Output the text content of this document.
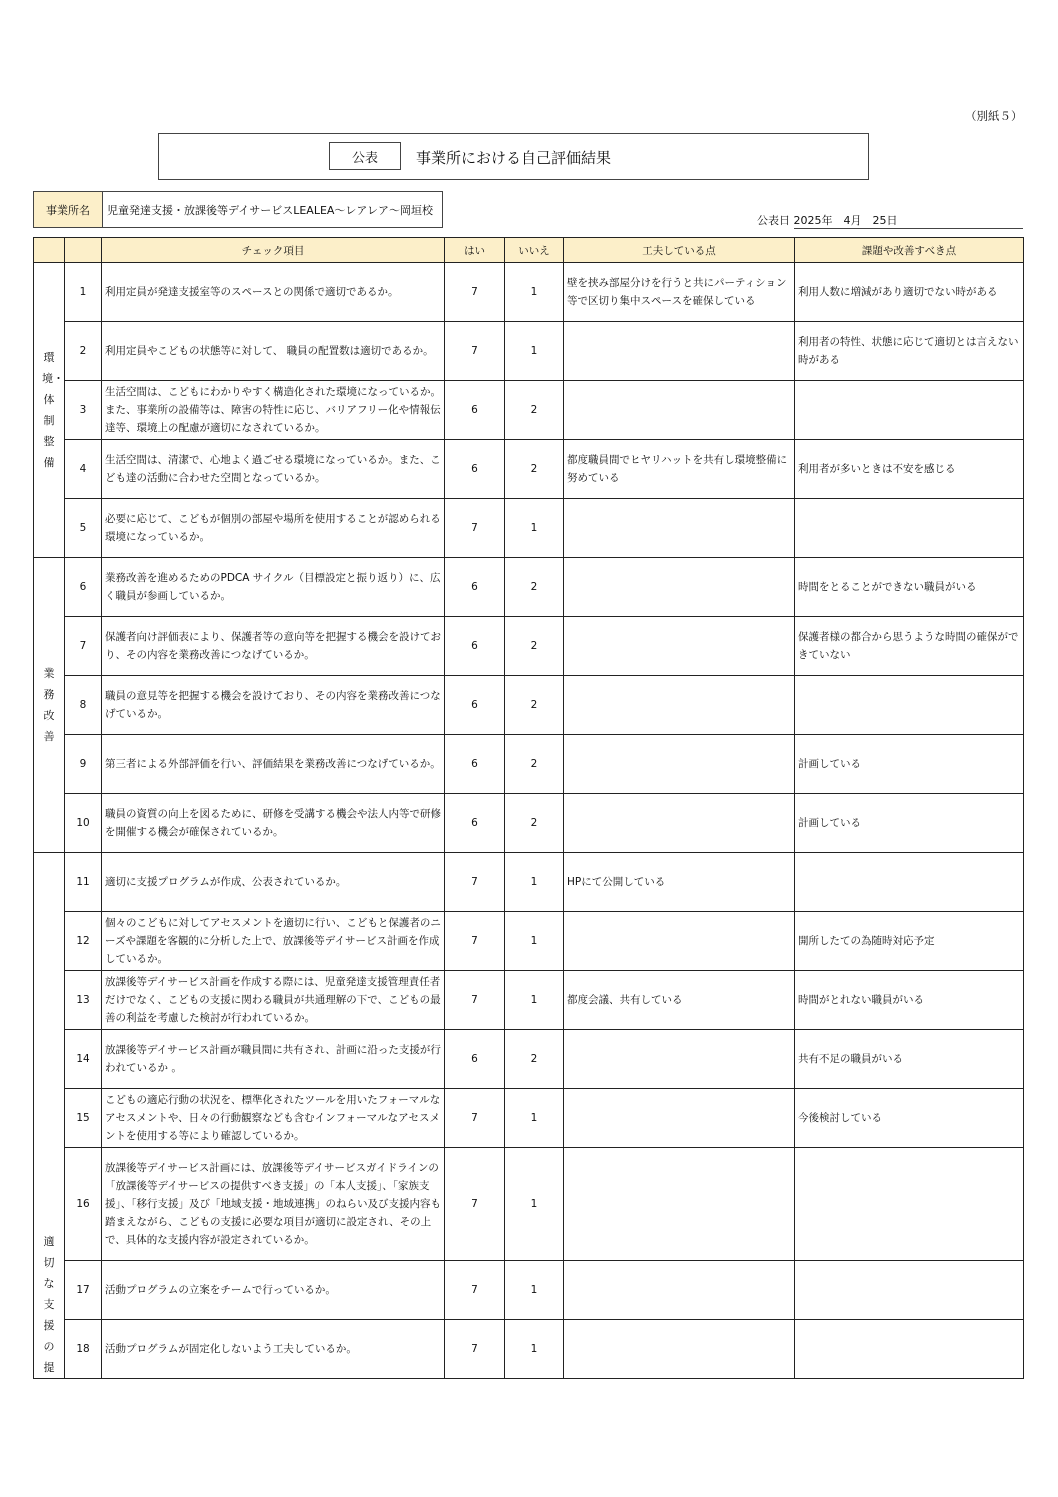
（別紙５）
公表	事業所における自己評価結果
事業所名	児童発達支援・放課後等デイサービスLEALEA～レアレア～岡垣校
公表日 2025年　4月　25日
		チェック項目	はい	いいえ	工夫している点	課題や改善すべき点
環境・体制整備	1	利用定員が発達支援室等のスペースとの関係で適切であるか。	7	1	壁を挟み部屋分けを行うと共にパーティション等で区切り集中スペースを確保している	利用人数に増減があり適切でない時がある
	2	利用定員やこどもの状態等に対して、 職員の配置数は適切であるか。	7	1		利用者の特性、状態に応じて適切とは言えない時がある
	3	生活空間は、こどもにわかりやすく構造化された環境になっているか。また、事業所の設備等は、障害の特性に応じ、バリアフリー化や情報伝達等、環境上の配慮が適切になされているか。	6	2		
	4	生活空間は、清潔で、心地よく過ごせる環境になっているか。また、こども達の活動に合わせた空間となっているか。	6	2	都度職員間でヒヤリハットを共有し環境整備に努めている	利用者が多いときは不安を感じる
	5	必要に応じて、こどもが個別の部屋や場所を使用することが認められる環境になっているか。	7	1		
業務改善	6	業務改善を進めるためのPDCA サイクル（目標設定と振り返り）に、広く職員が参画しているか。	6	2		時間をとることができない職員がいる
	7	保護者向け評価表により、保護者等の意向等を把握する機会を設けており、その内容を業務改善につなげているか。	6	2		保護者様の都合から思うような時間の確保ができていない
	8	職員の意見等を把握する機会を設けており、その内容を業務改善につなげているか。	6	2		
	9	第三者による外部評価を行い、評価結果を業務改善につなげているか。	6	2		計画している
	10	職員の資質の向上を図るために、研修を受講する機会や法人内等で研修を開催する機会が確保されているか。	6	2		計画している
適切な支援の提	11	適切に支援プログラムが作成、公表されているか。	7	1	HPにて公開している	
	12	個々のこどもに対してアセスメントを適切に行い、こどもと保護者のニーズや課題を客観的に分析した上で、放課後等デイサービス計画を作成しているか。	7	1		開所したての為随時対応予定
	13	放課後等デイサービス計画を作成する際には、児童発達支援管理責任者だけでなく、こどもの支援に関わる職員が共通理解の下で、こどもの最善の利益を考慮した検討が行われているか。	7	1	都度会議、共有している	時間がとれない職員がいる
	14	放課後等デイサービス計画が職員間に共有され、計画に沿った支援が行われているか 。	6	2		共有不足の職員がいる
	15	こどもの適応行動の状況を、標準化されたツールを用いたフォーマルなアセスメントや、日々の行動観察なども含むインフォーマルなアセスメントを使用する等により確認しているか。	7	1		今後検討している
	16	放課後等デイサービス計画には、放課後等デイサービスガイドラインの「放課後等デイサービスの提供すべき支援」の「本人支援」、「家族支援」、「移行支援」及び「地域支援・地域連携」のねらい及び支援内容も踏まえながら、こどもの支援に必要な項目が適切に設定され、その上で、具体的な支援内容が設定されているか。	7	1		
	17	活動プログラムの立案をチームで行っているか。	7	1		
	18	活動プログラムが固定化しないよう工夫しているか。	7	1		
